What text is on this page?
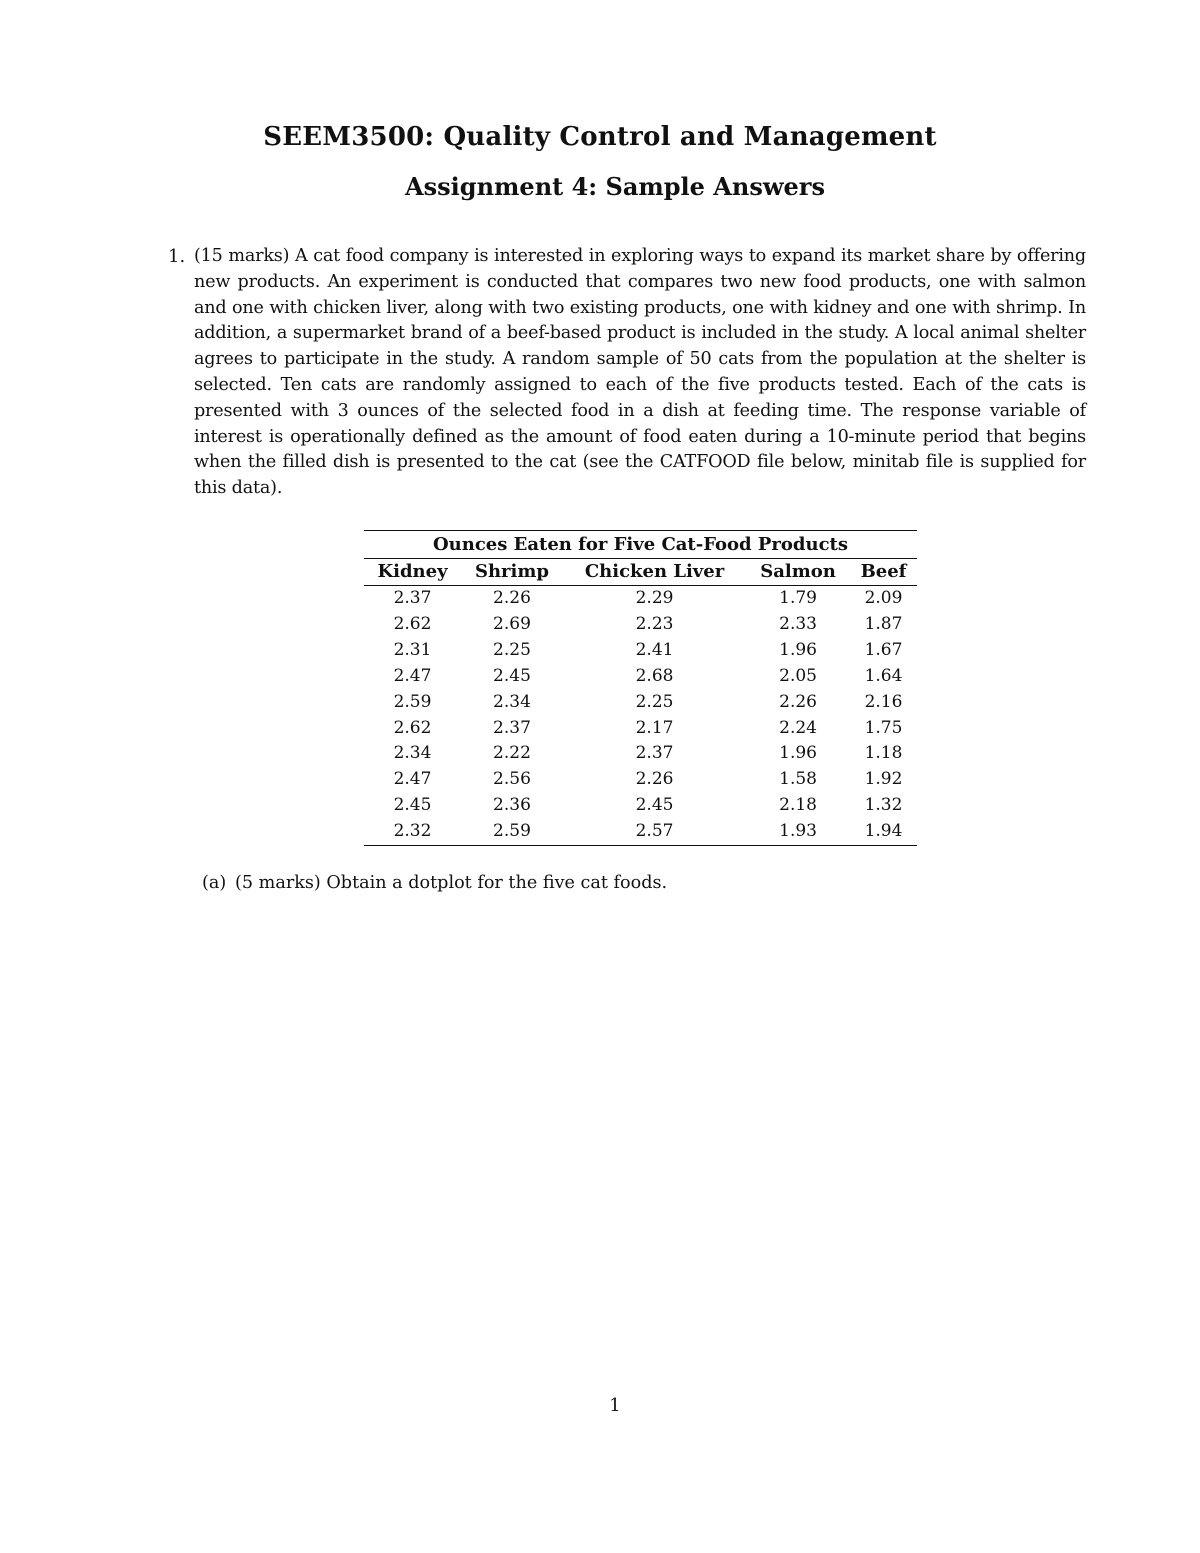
SEEM3500: Quality Control and Management
Assignment 4: Sample Answers
1. (15 marks) A cat food company is interested in exploring ways to expand its market share by offering new products. An experiment is conducted that compares two new food products, one with salmon and one with chicken liver, along with two existing products, one with kidney and one with shrimp. In addition, a supermarket brand of a beef-based product is included in the study. A local animal shelter agrees to participate in the study. A random sample of 50 cats from the population at the shelter is selected. Ten cats are randomly assigned to each of the five products tested. Each of the cats is presented with 3 ounces of the selected food in a dish at feeding time. The response variable of interest is operationally defined as the amount of food eaten during a 10-minute period that begins when the filled dish is presented to the cat (see the CATFOOD file below, minitab file is supplied for this data).

Ounces Eaten for Five Cat-Food Products
Kidney	Shrimp	Chicken Liver	Salmon	Beef
2.37	2.26	2.29	1.79	2.09
2.62	2.69	2.23	2.33	1.87
2.31	2.25	2.41	1.96	1.67
2.47	2.45	2.68	2.05	1.64
2.59	2.34	2.25	2.26	2.16
2.62	2.37	2.17	2.24	1.75
2.34	2.22	2.37	1.96	1.18
2.47	2.56	2.26	1.58	1.92
2.45	2.36	2.45	2.18	1.32
2.32	2.59	2.57	1.93	1.94

(a) (5 marks) Obtain a dotplot for the five cat foods.

1
